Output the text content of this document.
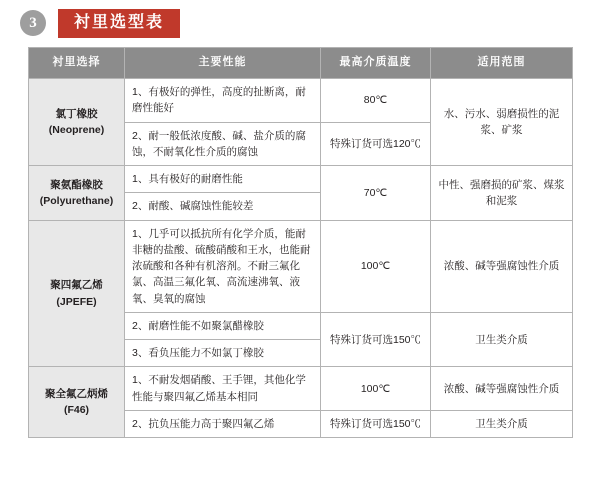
3	衬里选型表
衬里选择	主要性能	最高介质温度	适用范围
氯丁橡胶
(Neoprene)	1、有极好的弹性，高度的扯断离，耐磨性能好	80℃	水、污水、弱磨损性的泥浆、矿浆
	2、耐一般低浓度酸、碱、盐介质的腐蚀，不耐氧化性介质的腐蚀	特殊订货可选120℃	
聚氨酯橡胶
(Polyurethane)	1、具有极好的耐磨性能	70℃	中性、强磨损的矿浆、煤浆和泥浆
	2、耐酸、碱腐蚀性能较差		
聚四氟乙烯
(JPEFE)	1、几乎可以抵抗所有化学介质，能耐非糖的盐酸、硫酸硝酸和王水，也能耐浓硫酸和各种有机溶剂。不耐三氟化氯、高温三氟化氧、高流速沸氧、液氧、臭氧的腐蚀	100℃	浓酸、碱等强腐蚀性介质
	2、耐磨性能不如聚氯醋橡胶	特殊订货可选150℃	卫生类介质
	3、看负压能力不如氯丁橡胶		
聚全氟乙炳烯
(F46)	1、不耐发烟硝酸、王手锂，其他化学性能与聚四氟乙烯基本相同	100℃	浓酸、碱等强腐蚀性介质
	2、抗负压能力高于聚四氟乙烯	特殊订货可选150℃	卫生类介质
